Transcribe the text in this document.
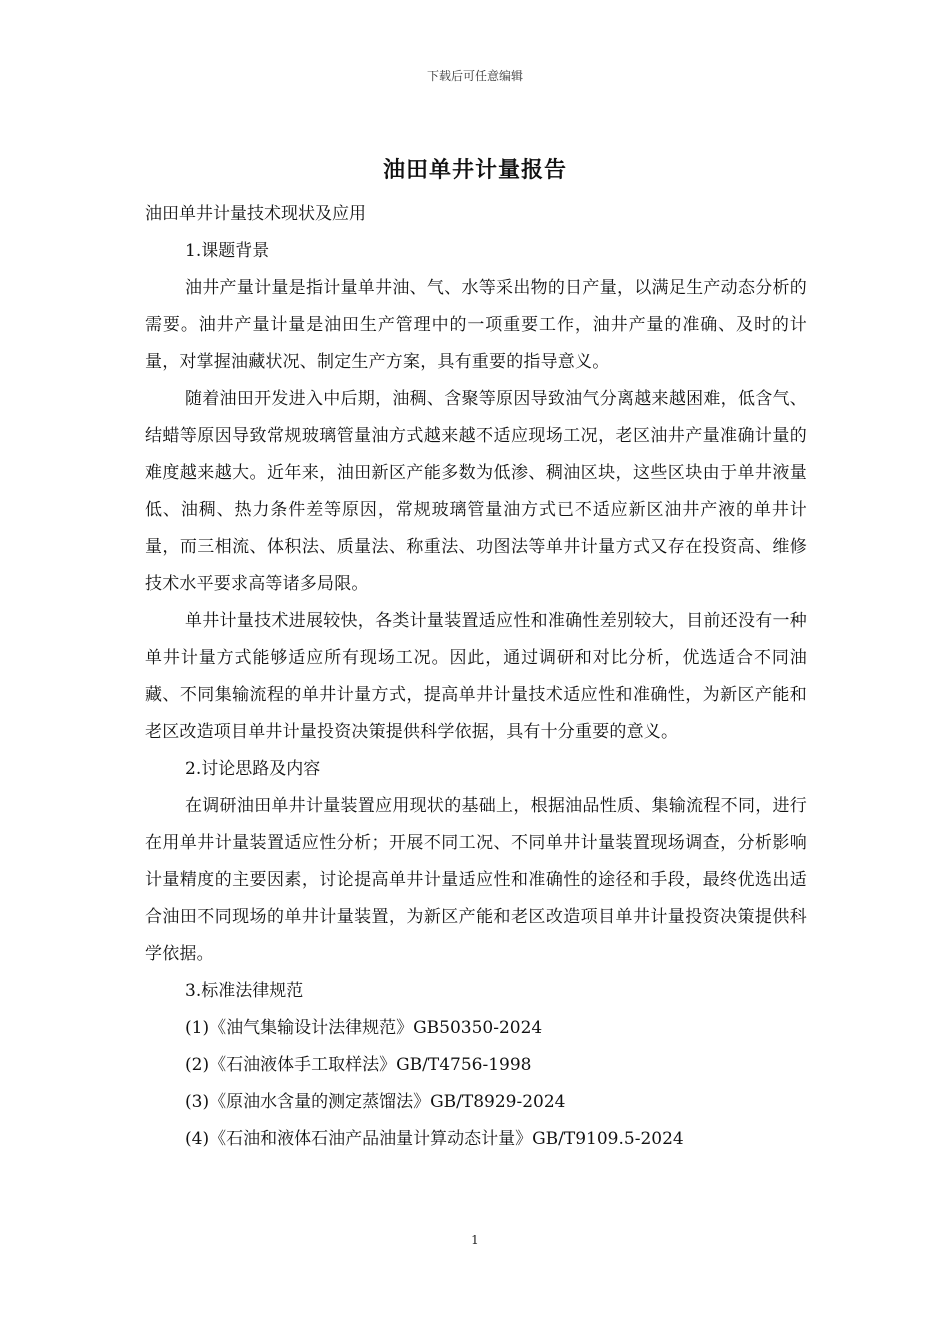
下载后可任意编辑
油田单井计量报告

油田单井计量技术现状及应用

1.课题背景

油井产量计量是指计量单井油、气、水等采出物的日产量，以满足生产动态分析的需要。油井产量计量是油田生产管理中的一项重要工作，油井产量的准确、及时的计量，对掌握油藏状况、制定生产方案，具有重要的指导意义。

随着油田开发进入中后期，油稠、含聚等原因导致油气分离越来越困难，低含气、结蜡等原因导致常规玻璃管量油方式越来越不适应现场工况，老区油井产量准确计量的难度越来越大。近年来，油田新区产能多数为低渗、稠油区块，这些区块由于单井液量低、油稠、热力条件差等原因，常规玻璃管量油方式已不适应新区油井产液的单井计量，而三相流、体积法、质量法、称重法、功图法等单井计量方式又存在投资高、维修技术水平要求高等诸多局限。

单井计量技术进展较快，各类计量装置适应性和准确性差别较大，目前还没有一种单井计量方式能够适应所有现场工况。因此，通过调研和对比分析，优选适合不同油藏、不同集输流程的单井计量方式，提高单井计量技术适应性和准确性，为新区产能和老区改造项目单井计量投资决策提供科学依据，具有十分重要的意义。

2.讨论思路及内容

在调研油田单井计量装置应用现状的基础上，根据油品性质、集输流程不同，进行在用单井计量装置适应性分析；开展不同工况、不同单井计量装置现场调查，分析影响计量精度的主要因素，讨论提高单井计量适应性和准确性的途径和手段，最终优选出适合油田不同现场的单井计量装置，为新区产能和老区改造项目单井计量投资决策提供科学依据。

3.标准法律规范

(1)《油气集输设计法律规范》GB50350-2024

(2)《石油液体手工取样法》GB/T4756-1998

(3)《原油水含量的测定蒸馏法》GB/T8929-2024

(4)《石油和液体石油产品油量计算动态计量》GB/T9109.5-2024

1
